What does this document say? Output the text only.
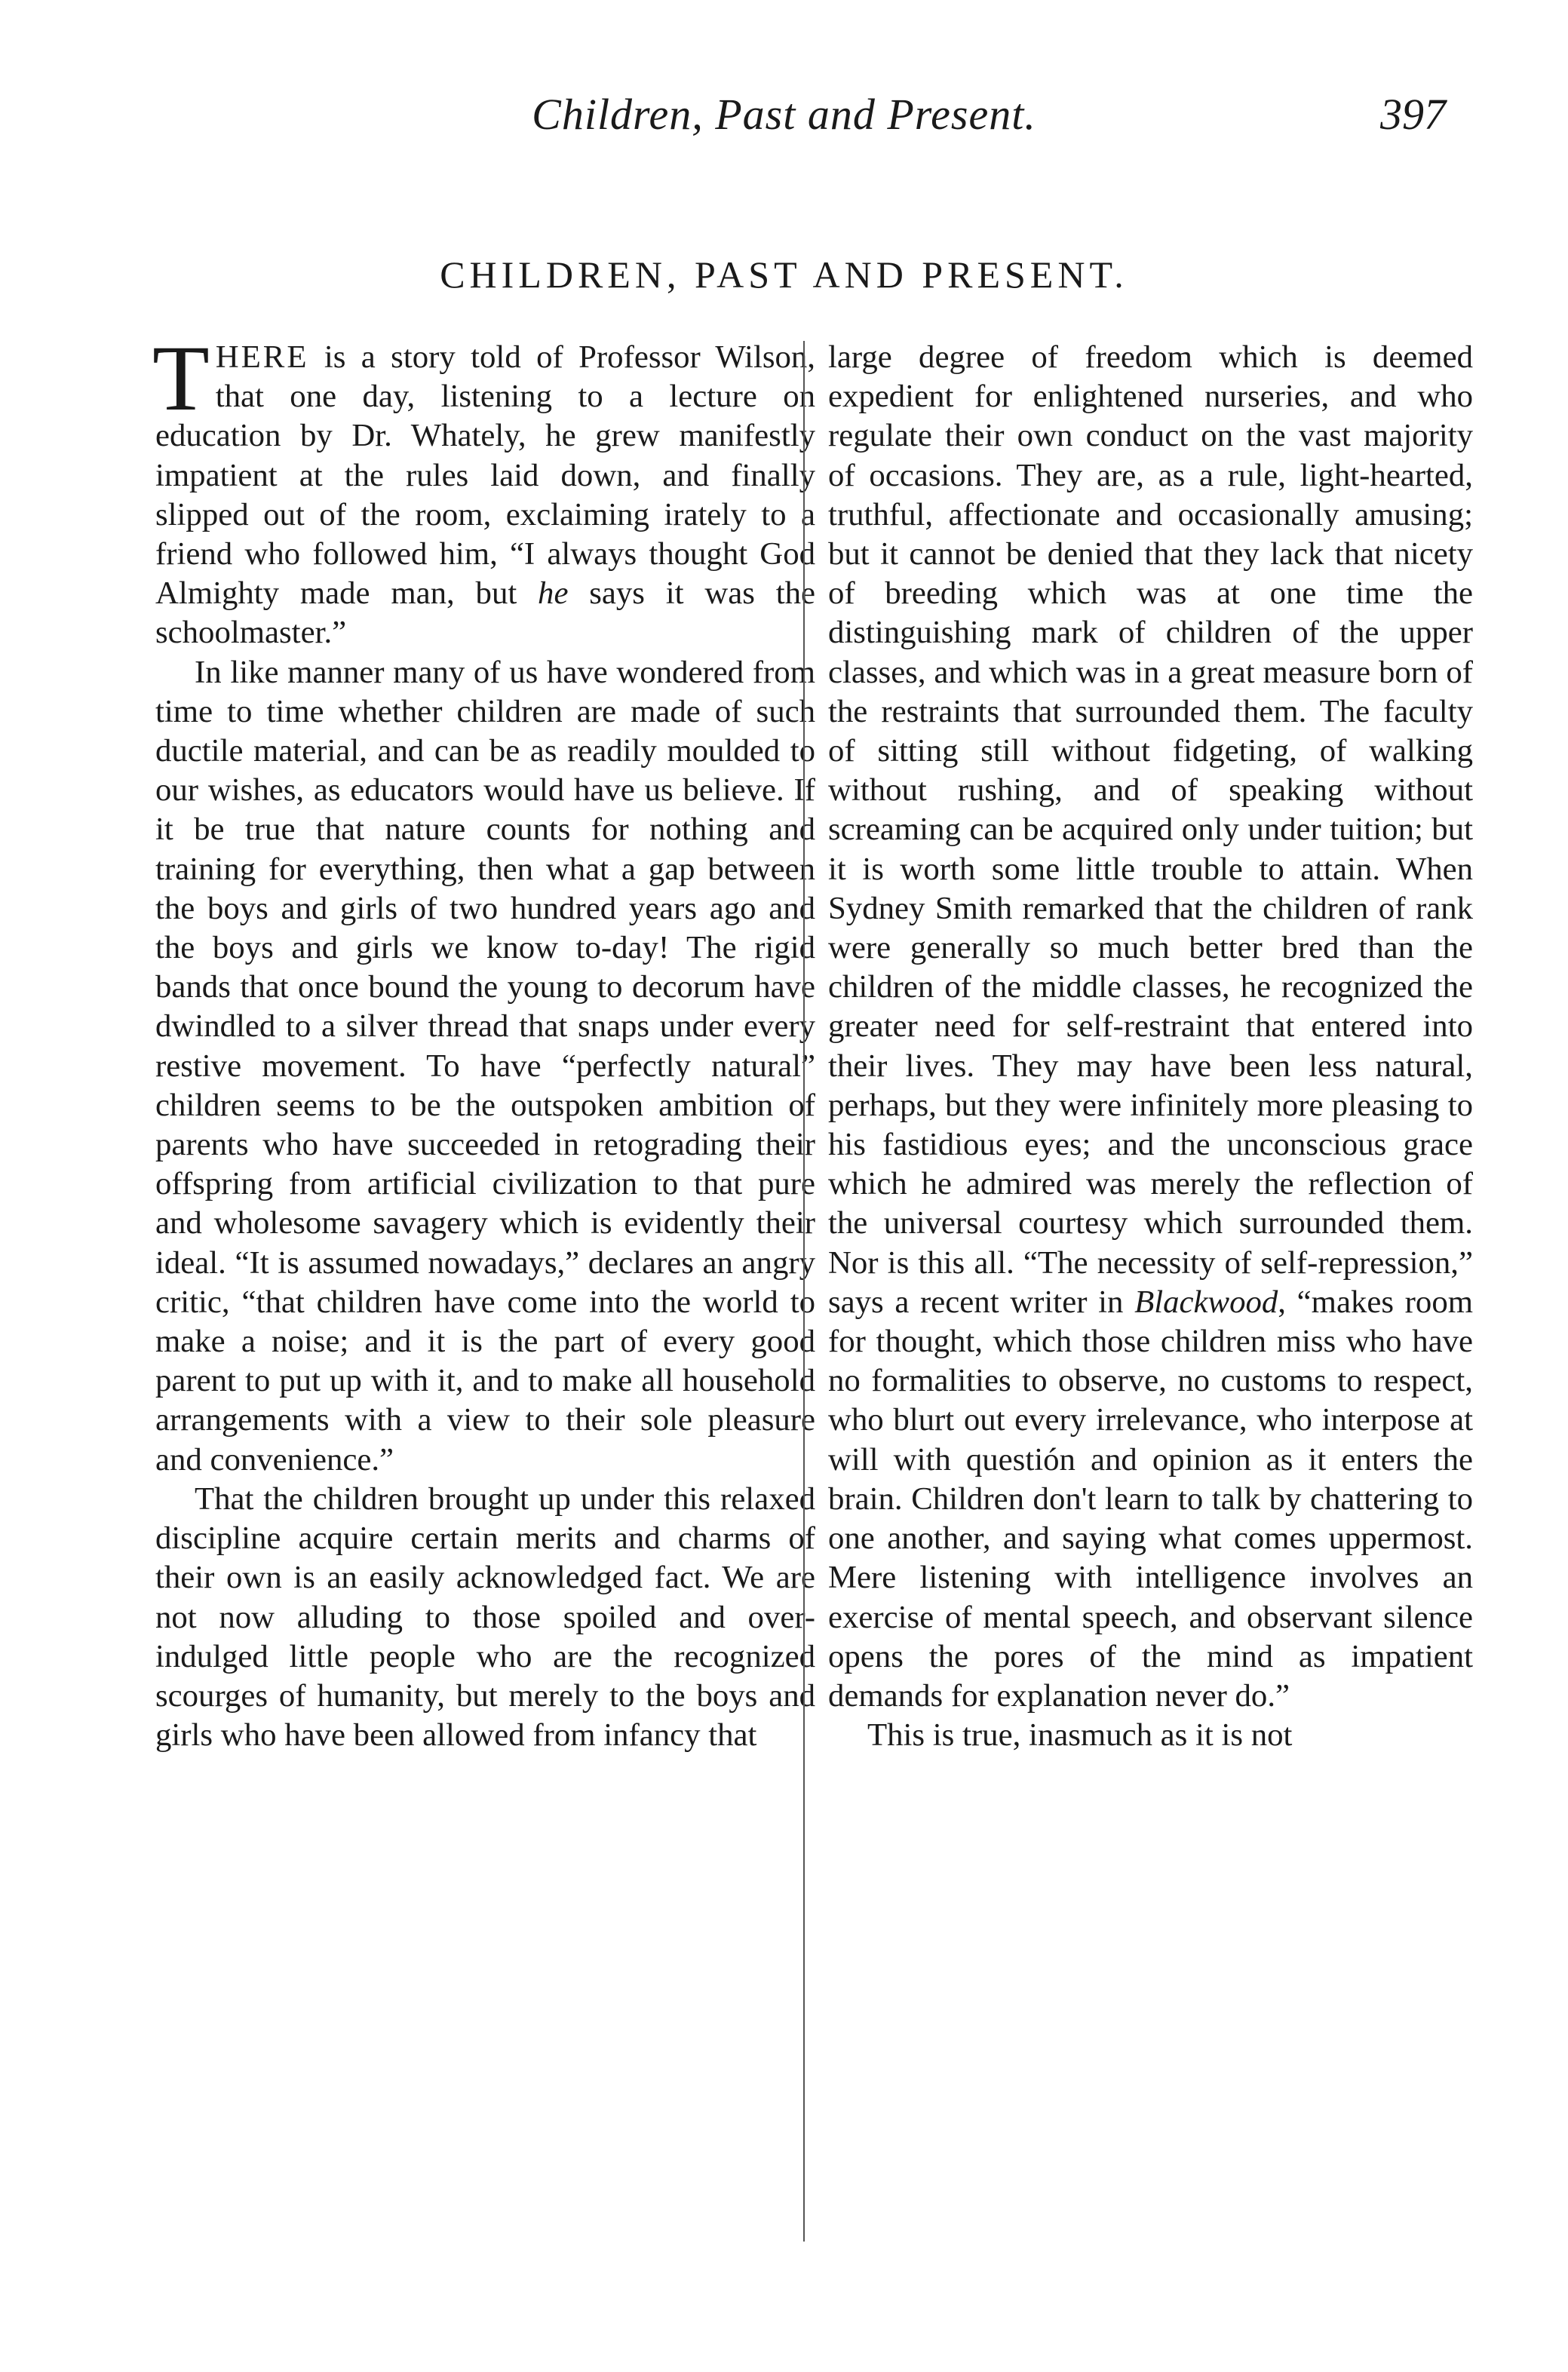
Children, Past and Present.	397
CHILDREN, PAST AND PRESENT.

THERE is a story told of Professor Wilson, that one day, listening to a lecture on education by Dr. Whately, he grew manifestly impatient at the rules laid down, and finally slipped out of the room, exclaiming irately to a friend who followed him, “I always thought God Almighty made man, but he says it was the schoolmaster.”

In like manner many of us have wondered from time to time whether children are made of such ductile material, and can be as readily moulded to our wishes, as educators would have us believe. If it be true that nature counts for nothing and training for everything, then what a gap between the boys and girls of two hundred years ago and the boys and girls we know to-day! The rigid bands that once bound the young to decorum have dwindled to a silver thread that snaps under every restive movement. To have “perfectly natural” children seems to be the outspoken ambition of parents who have succeeded in retograding their offspring from artificial civilization to that pure and wholesome savagery which is evidently their ideal. “It is assumed nowadays,” declares an angry critic, “that children have come into the world to make a noise; and it is the part of every good parent to put up with it, and to make all household arrangements with a view to their sole pleasure and convenience.”

That the children brought up under this relaxed discipline acquire certain merits and charms of their own is an easily acknowledged fact. We are not now alluding to those spoiled and over-indulged little people who are the recognized scourges of humanity, but merely to the boys and girls who have been allowed from infancy that

large degree of freedom which is deemed expedient for enlightened nurseries, and who regulate their own conduct on the vast majority of occasions. They are, as a rule, light-hearted, truthful, affectionate and occasionally amusing; but it cannot be denied that they lack that nicety of breeding which was at one time the distinguishing mark of children of the upper classes, and which was in a great measure born of the restraints that surrounded them. The faculty of sitting still without fidgeting, of walking without rushing, and of speaking without screaming can be acquired only under tuition; but it is worth some little trouble to attain. When Sydney Smith remarked that the children of rank were generally so much better bred than the children of the middle classes, he recognized the greater need for self-restraint that entered into their lives. They may have been less natural, perhaps, but they were infinitely more pleasing to his fastidious eyes; and the unconscious grace which he admired was merely the reflection of the universal courtesy which surrounded them. Nor is this all. “The necessity of self-repression,” says a recent writer in Blackwood, “makes room for thought, which those children miss who have no formalities to observe, no customs to respect, who blurt out every irrelevance, who interpose at will with questión and opinion as it enters the brain. Children don't learn to talk by chattering to one another, and saying what comes uppermost. Mere listening with intelligence involves an exercise of mental speech, and observant silence opens the pores of the mind as impatient demands for explanation never do.”

This is true, inasmuch as it is not
